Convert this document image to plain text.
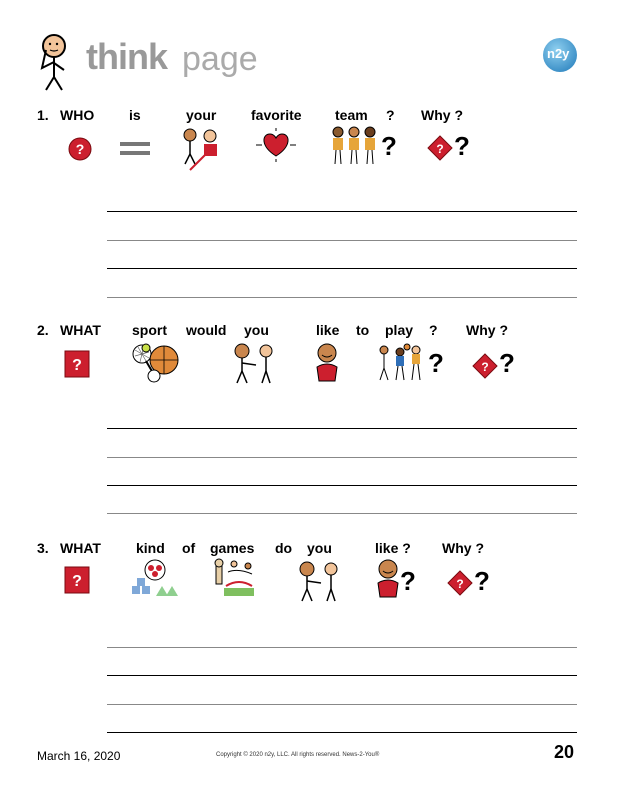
think page	n2y
1. WHO is	your favorite team ? Why ?
?	?	? ?
2. WHAT sport would you	like to play ? Why ?
?	?	? ?
3. WHAT	kind of games do you	like ? Why ?
?	?	? ?
March 16, 2020	Copyright © 2020 n2y, LLC. All rights reserved. News-2-You®	20
